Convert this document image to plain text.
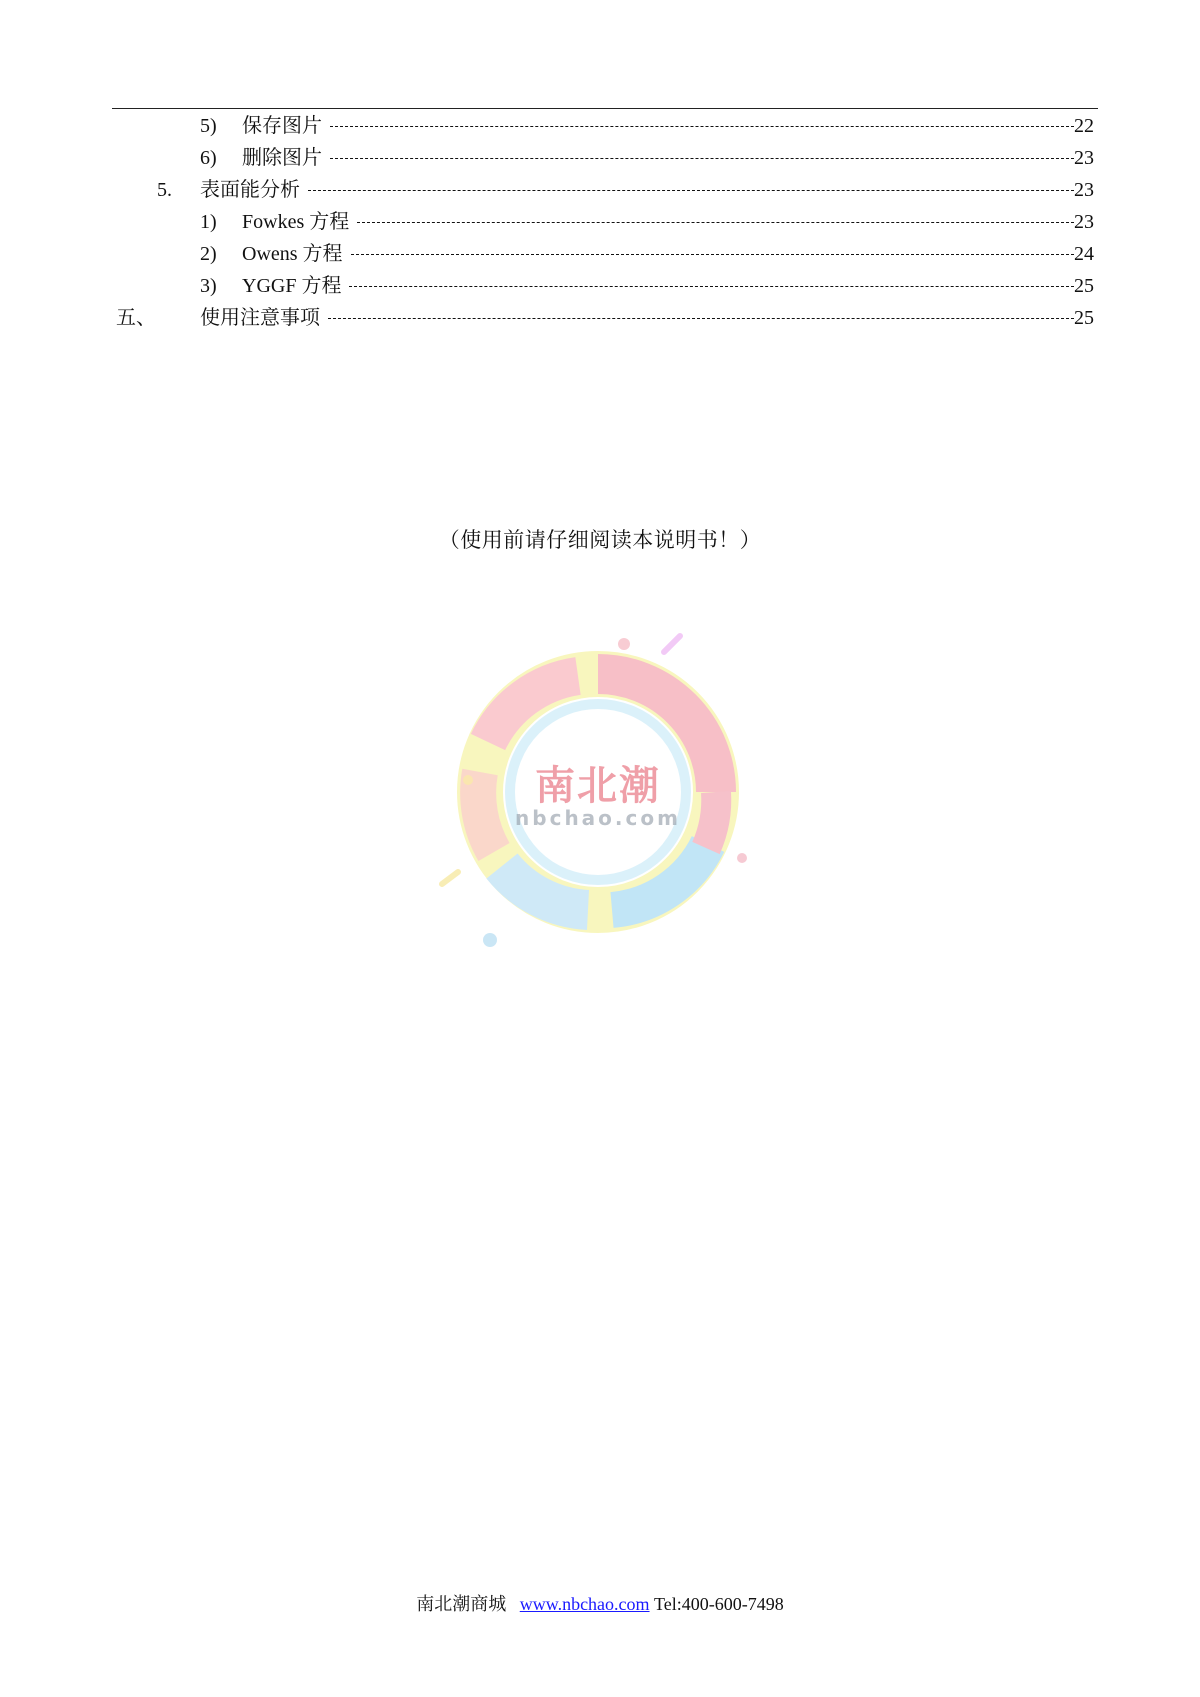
5) 保存图片	22
6) 删除图片	23
5. 表面能分析	23
1) Fowkes 方程	23
2) Owens 方程	24
3) YGGF 方程	25
五、 使用注意事项	25
（使用前请仔细阅读本说明书！）
南北潮
nbchao.com
南北潮商城 www.nbchao.com Tel:400-600-7498
